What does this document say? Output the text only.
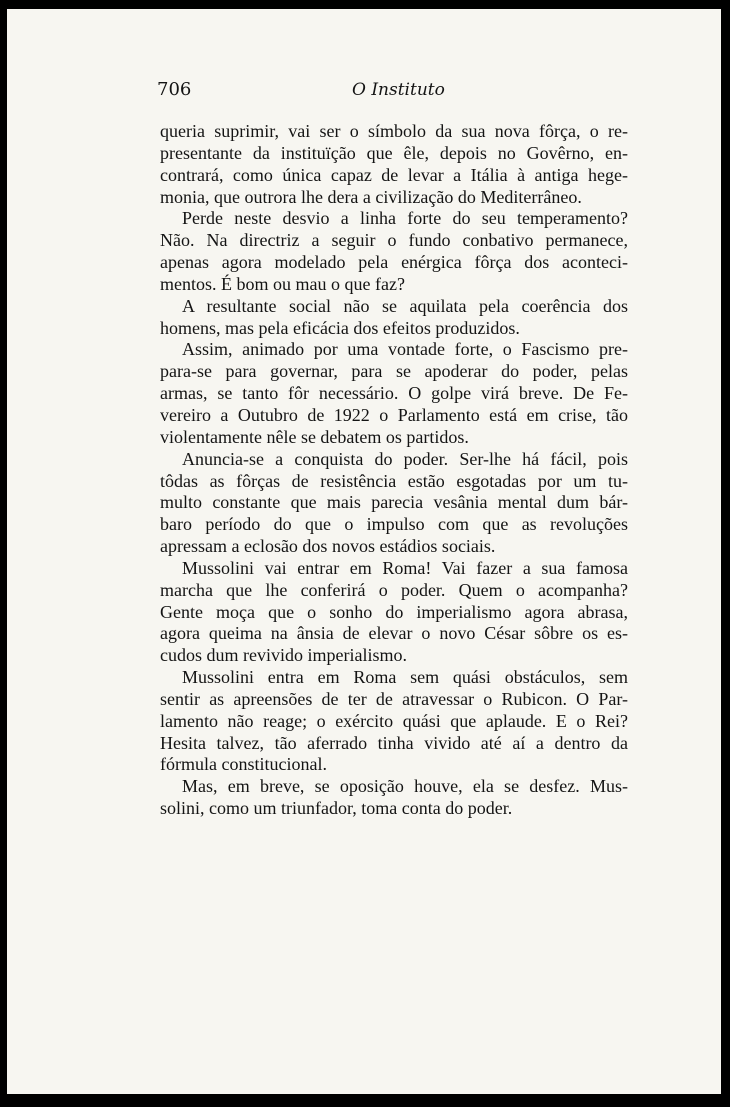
706	O Instituto
queria suprimir, vai ser o símbolo da sua nova fôrça, o re-
presentante da instituïção que êle, depois no Govêrno, en-
contrará, como única capaz de levar a Itália à antiga hege-
monia, que outrora lhe dera a civilização do Mediterrâneo.
Perde neste desvio a linha forte do seu temperamento?
Não. Na directriz a seguir o fundo conbativo permanece,
apenas agora modelado pela enérgica fôrça dos aconteci-
mentos. É bom ou mau o que faz?
A resultante social não se aquilata pela coerência dos
homens, mas pela eficácia dos efeitos produzidos.
Assim, animado por uma vontade forte, o Fascismo pre-
para-se para governar, para se apoderar do poder, pelas
armas, se tanto fôr necessário. O golpe virá breve. De Fe-
vereiro a Outubro de 1922 o Parlamento está em crise, tão
violentamente nêle se debatem os partidos.
Anuncia-se a conquista do poder. Ser-lhe há fácil, pois
tôdas as fôrças de resistência estão esgotadas por um tu-
multo constante que mais parecia vesânia mental dum bár-
baro período do que o impulso com que as revoluções
apressam a eclosão dos novos estádios sociais.
Mussolini vai entrar em Roma! Vai fazer a sua famosa
marcha que lhe conferirá o poder. Quem o acompanha?
Gente moça que o sonho do imperialismo agora abrasa,
agora queima na ânsia de elevar o novo César sôbre os es-
cudos dum revivido imperialismo.
Mussolini entra em Roma sem quási obstáculos, sem
sentir as apreensões de ter de atravessar o Rubicon. O Par-
lamento não reage; o exército quási que aplaude. E o Rei?
Hesita talvez, tão aferrado tinha vivido até aí a dentro da
fórmula constitucional.
Mas, em breve, se oposição houve, ela se desfez. Mus-
solini, como um triunfador, toma conta do poder.
